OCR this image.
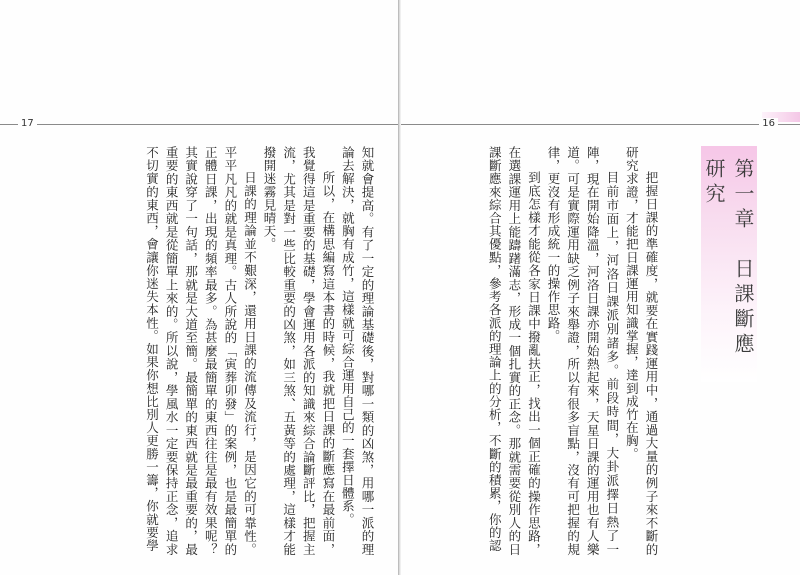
17

知就會提高。有了一定的理論基礎後，對哪一類的凶煞，用哪一派的理論去解決，就胸有成竹，這樣就可綜合運用自己的一套擇日體系。

所以，在構思編寫這本書的時候，我就把日課的斷應寫在最前面，我覺得這是重要的基礎，學會運用各派的知識來綜合論斷評比，把握主流，尤其是對一些比較重要的凶煞，如三煞、五黃等的處理，這樣才能撥開迷霧見晴天。

日課的理論並不艱深，還用日課的流傳及流行，是因它的可靠性。平平凡凡的就是真理。古人所說的「寅葬卯發」的案例，也是最簡單的正體日課，出現的頻率最多。為甚麼最簡單的東西往往是最有效果呢？其實說穿了一句話，那就是大道至簡。最簡單的東西就是最重要的，最重要的東西就是從簡單上來的。所以說，學風水一定要保持正念，追求不切實的東西，會讓你迷失本性。如果你想比別人更勝一籌，你就要學

16
第一章　日課斷應研究

把握日課的準確度，就要在實踐運用中，通過大量的例子來不斷的研究求證，才能把日課運用知識掌握，達到成竹在胸。

目前市面上，河洛日課派別諸多。前段時間，大卦派擇日熱了一陣，現在開始降溫，河洛日課亦開始熱起來，天星日課的運用也有人樂道。可是實際運用缺乏例子來舉證，所以有很多盲點，沒有可把握的規律，更沒有形成統一的操作思路。

到底怎樣才能從各家日課中撥亂扶正，找出一個正確的操作思路，在選課運用上能躊躇滿志，形成一個扎實的正念。那就需要從別人的日課斷應來綜合其優點，參考各派的理論上的分析，不斷的積累，你的認
